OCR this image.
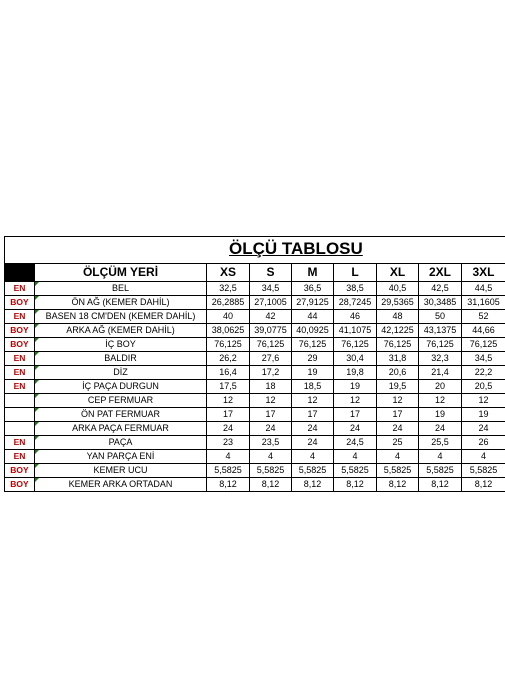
ÖLÇÜ TABLOSU
	ÖLÇÜM YERİ	XS	S	M	L	XL	2XL	3XL
EN	BEL	32,5	34,5	36,5	38,5	40,5	42,5	44,5
BOY	ÖN AĞ (KEMER DAHİL)	26,2885	27,1005	27,9125	28,7245	29,5365	30,3485	31,1605
EN	BASEN 18 CM'DEN (KEMER DAHİL)	40	42	44	46	48	50	52
BOY	ARKA AĞ (KEMER DAHİL)	38,0625	39,0775	40,0925	41,1075	42,1225	43,1375	44,66
BOY	İÇ BOY	76,125	76,125	76,125	76,125	76,125	76,125	76,125
EN	BALDIR	26,2	27,6	29	30,4	31,8	32,3	34,5
EN	DİZ	16,4	17,2	19	19,8	20,6	21,4	22,2
EN	İÇ PAÇA DURGUN	17,5	18	18,5	19	19,5	20	20,5
	CEP FERMUAR	12	12	12	12	12	12	12
	ÖN PAT FERMUAR	17	17	17	17	17	19	19
	ARKA PAÇA FERMUAR	24	24	24	24	24	24	24
EN	PAÇA	23	23,5	24	24,5	25	25,5	26
EN	YAN PARÇA ENİ	4	4	4	4	4	4	4
BOY	KEMER UCU	5,5825	5,5825	5,5825	5,5825	5,5825	5,5825	5,5825
BOY	KEMER ARKA ORTADAN	8,12	8,12	8,12	8,12	8,12	8,12	8,12
